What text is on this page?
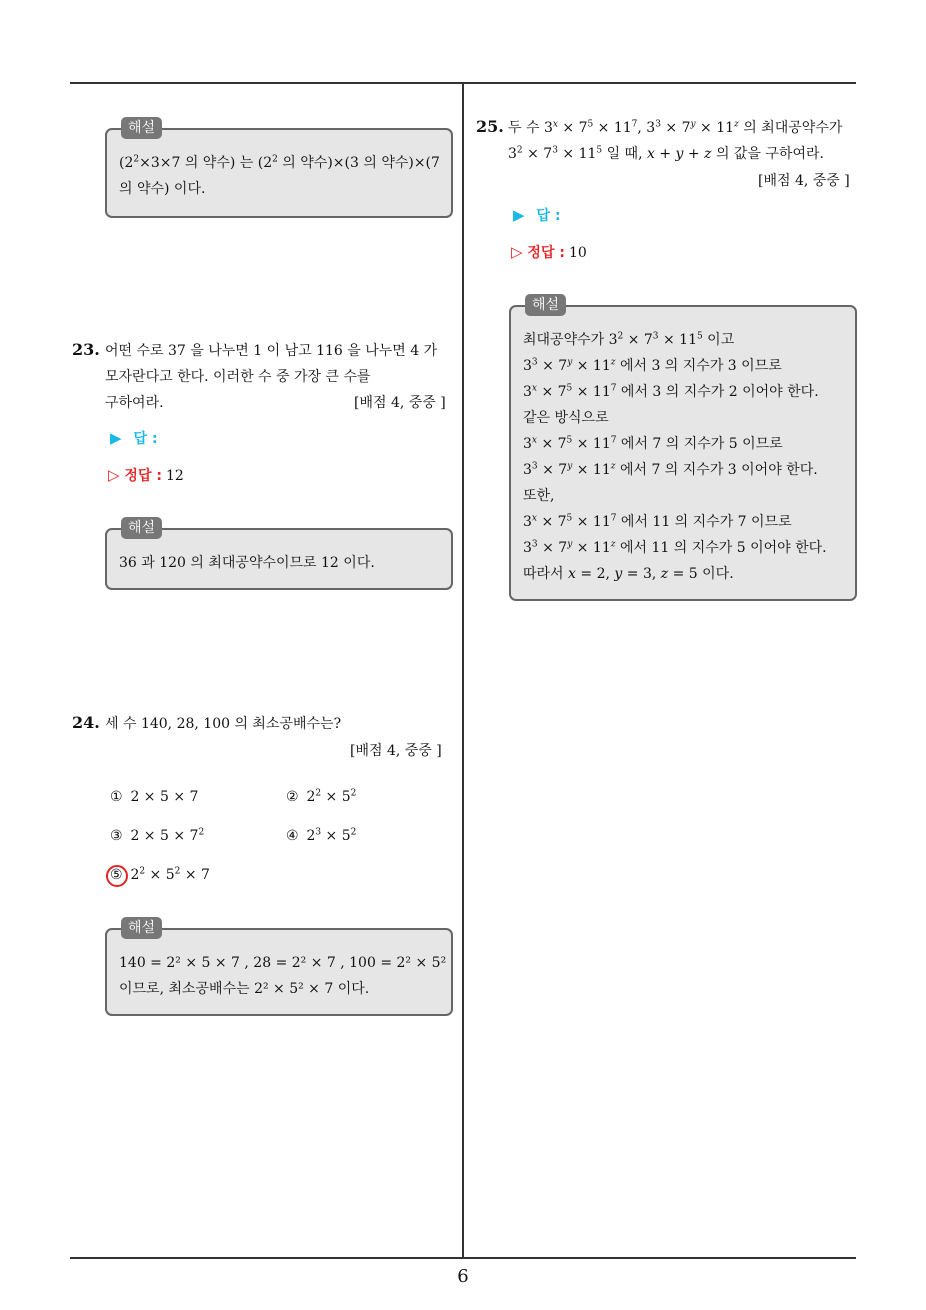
해설

($2^2\times 3\times 7$ 의 약수) 는 ($2^2$ 의 약수)×(3 의 약수)×(7

의 약수) 이다.

23. 어떤 수로 37 을 나누면 1 이 남고 116 을 나누면 4 가

모자란다고 한다. 이러한 수 중 가장 큰 수를

구하여라.	[배점 4, 중중 ]
▶ 답 :
▷ 정답 : 12
해설

36 과 120 의 최대공약수이므로 12 이다.

24. 세 수 140, 28, 100 의 최소공배수는?

[배점 4, 중중 ]
① 2 × 5 × 7	② $2^2 \times 5^2$
③ $2 \times 5 \times 7^2$	④ $2^3 \times 5^2$
⑤ $2^2 \times 5^2 \times 7$
해설

140 = 2² × 5 × 7 , 28 = 2² × 7 , 100 = 2² × 5²

이므로, 최소공배수는 2² × 5² × 7 이다.

25. 두 수 $3^x \times 7^5 \times 11^7$, $3^3 \times 7^y \times 11^z$ 의 최대공약수가

$3^2 \times 7^3 \times 11^5$ 일 때, x + y + z 의 값을 구하여라.

[배점 4, 중중 ]
▶ 답 :
▷ 정답 : 10
해설

최대공약수가 $3^2 \times 7^3 \times 11^5$ 이고

$3^3 \times 7^y \times 11^z$ 에서 3 의 지수가 3 이므로

$3^x \times 7^5 \times 11^7$ 에서 3 의 지수가 2 이어야 한다.

같은 방식으로

$3^x \times 7^5 \times 11^7$ 에서 7 의 지수가 5 이므로

$3^3 \times 7^y \times 11^z$ 에서 7 의 지수가 3 이어야 한다.

또한,

$3^x \times 7^5 \times 11^7$ 에서 11 의 지수가 7 이므로

$3^3 \times 7^y \times 11^z$ 에서 11 의 지수가 5 이어야 한다.

따라서 x = 2, y = 3, z = 5 이다.

6
